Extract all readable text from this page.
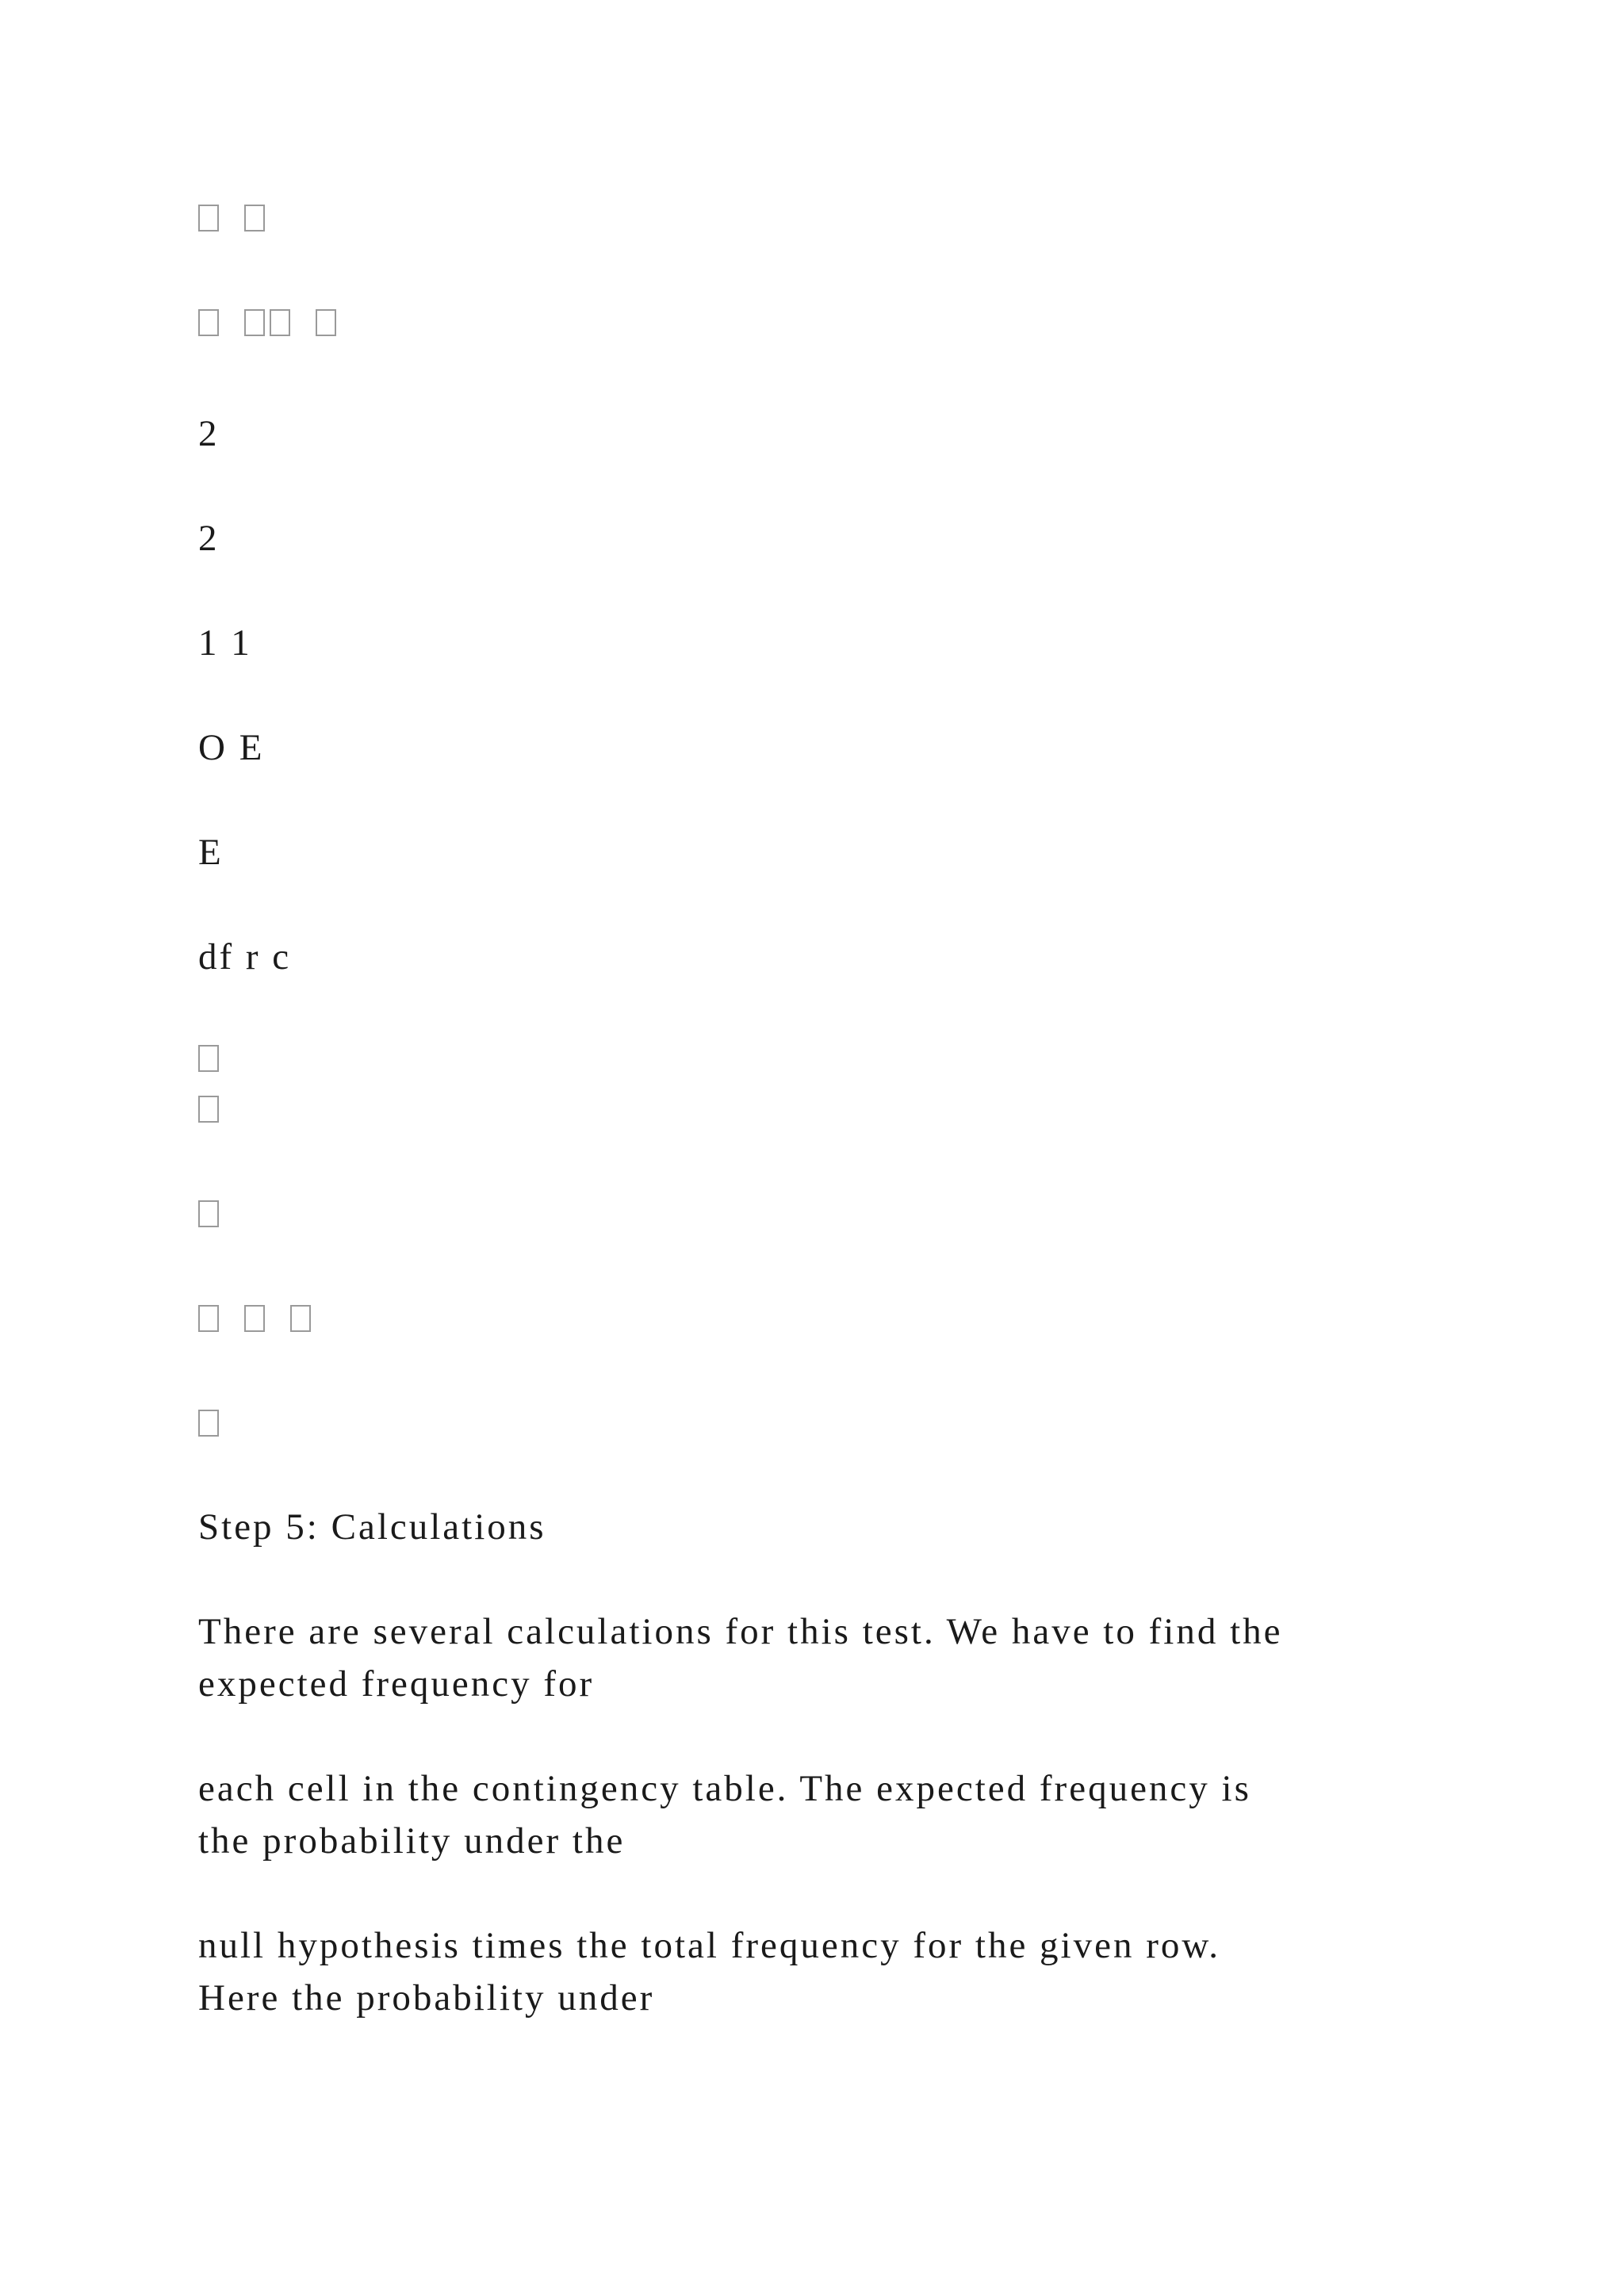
2
2
1 1
O E
E
df r c
Step 5: Calculations
There are several calculations for this test. We have to find the
expected frequency for
each cell in the contingency table. The expected frequency is
the probability under the
null hypothesis times the total frequency for the given row.
Here the probability under
